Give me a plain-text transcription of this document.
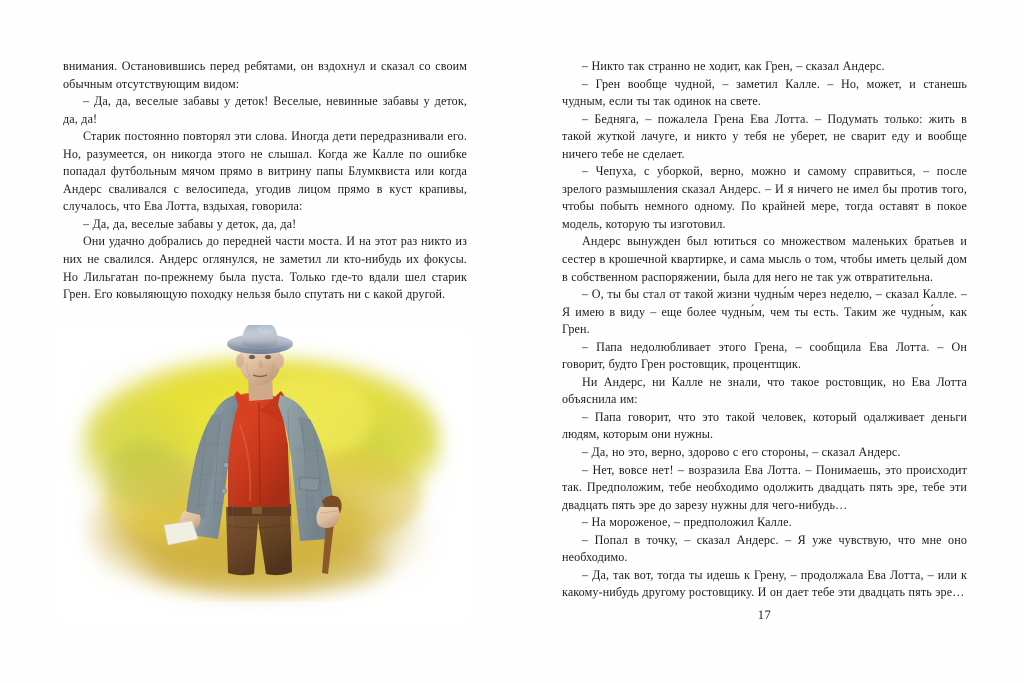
внимания. Остановившись перед ребятами, он вздохнул и сказал со своим обычным отсутствующим видом:

– Да, да, веселые забавы у деток! Веселые, невинные забавы у деток, да, да!

Старик постоянно повторял эти слова. Иногда дети передразнивали его. Но, разумеется, он никогда этого не слышал. Когда же Калле по ошибке попадал футбольным мячом прямо в витрину папы Блумквиста или когда Андерс сваливался с велосипеда, угодив лицом прямо в куст крапивы, случалось, что Ева Лотта, вздыхая, говорила:

– Да, да, веселые забавы у деток, да, да!

Они удачно добрались до передней части моста. И на этот раз никто из них не свалился. Андерс оглянулся, не заметил ли кто-нибудь их фокусы. Но Лильгатан по-прежнему была пуста. Только где-то вдали шел старик Грен. Его ковыляющую походку нельзя было спутать ни с какой другой.

– Никто так странно не ходит, как Грен, – сказал Андерс.

– Грен вообще чудной, – заметил Калле. – Но, может, и станешь чудным, если ты так одинок на свете.

– Бедняга, – пожалела Грена Ева Лотта. – Подумать только: жить в такой жуткой лачуге, и никто у тебя не уберет, не сварит еду и вообще ничего тебе не сделает.

– Чепуха, с уборкой, верно, можно и самому справиться, – после зрелого размышления сказал Андерс. – И я ничего не имел бы против того, чтобы побыть немного одному. По крайней мере, тогда оставят в покое модель, которую ты изготовил.

Андерс вынужден был ютиться со множеством маленьких братьев и сестер в крошечной квартирке, и сама мысль о том, чтобы иметь целый дом в собственном распоряжении, была для него не так уж отвратительна.

– О, ты бы стал от такой жизни чудны́м через неделю, – сказал Калле. – Я имею в виду – еще более чудны́м, чем ты есть. Таким же чудны́м, как Грен.

– Папа недолюбливает этого Грена, – сообщила Ева Лотта. – Он говорит, будто Грен ростовщик, процентщик.

Ни Андерс, ни Калле не знали, что такое ростовщик, но Ева Лотта объяснила им:

– Папа говорит, что это такой человек, который одалживает деньги людям, которым они нужны.

– Да, но это, верно, здорово с его стороны, – сказал Андерс.

– Нет, вовсе нет! – возразила Ева Лотта. – Понимаешь, это происходит так. Предположим, тебе необходимо одолжить двадцать пять эре, тебе эти двадцать пять эре до зарезу нужны для чего-нибудь…

– На мороженое, – предположил Калле.

– Попал в точку, – сказал Андерс. – Я уже чувствую, что мне оно необходимо.

– Да, так вот, тогда ты идешь к Грену, – продолжала Ева Лотта, – или к какому-нибудь другому ростовщику. И он дает тебе эти двадцать пять эре…

17
